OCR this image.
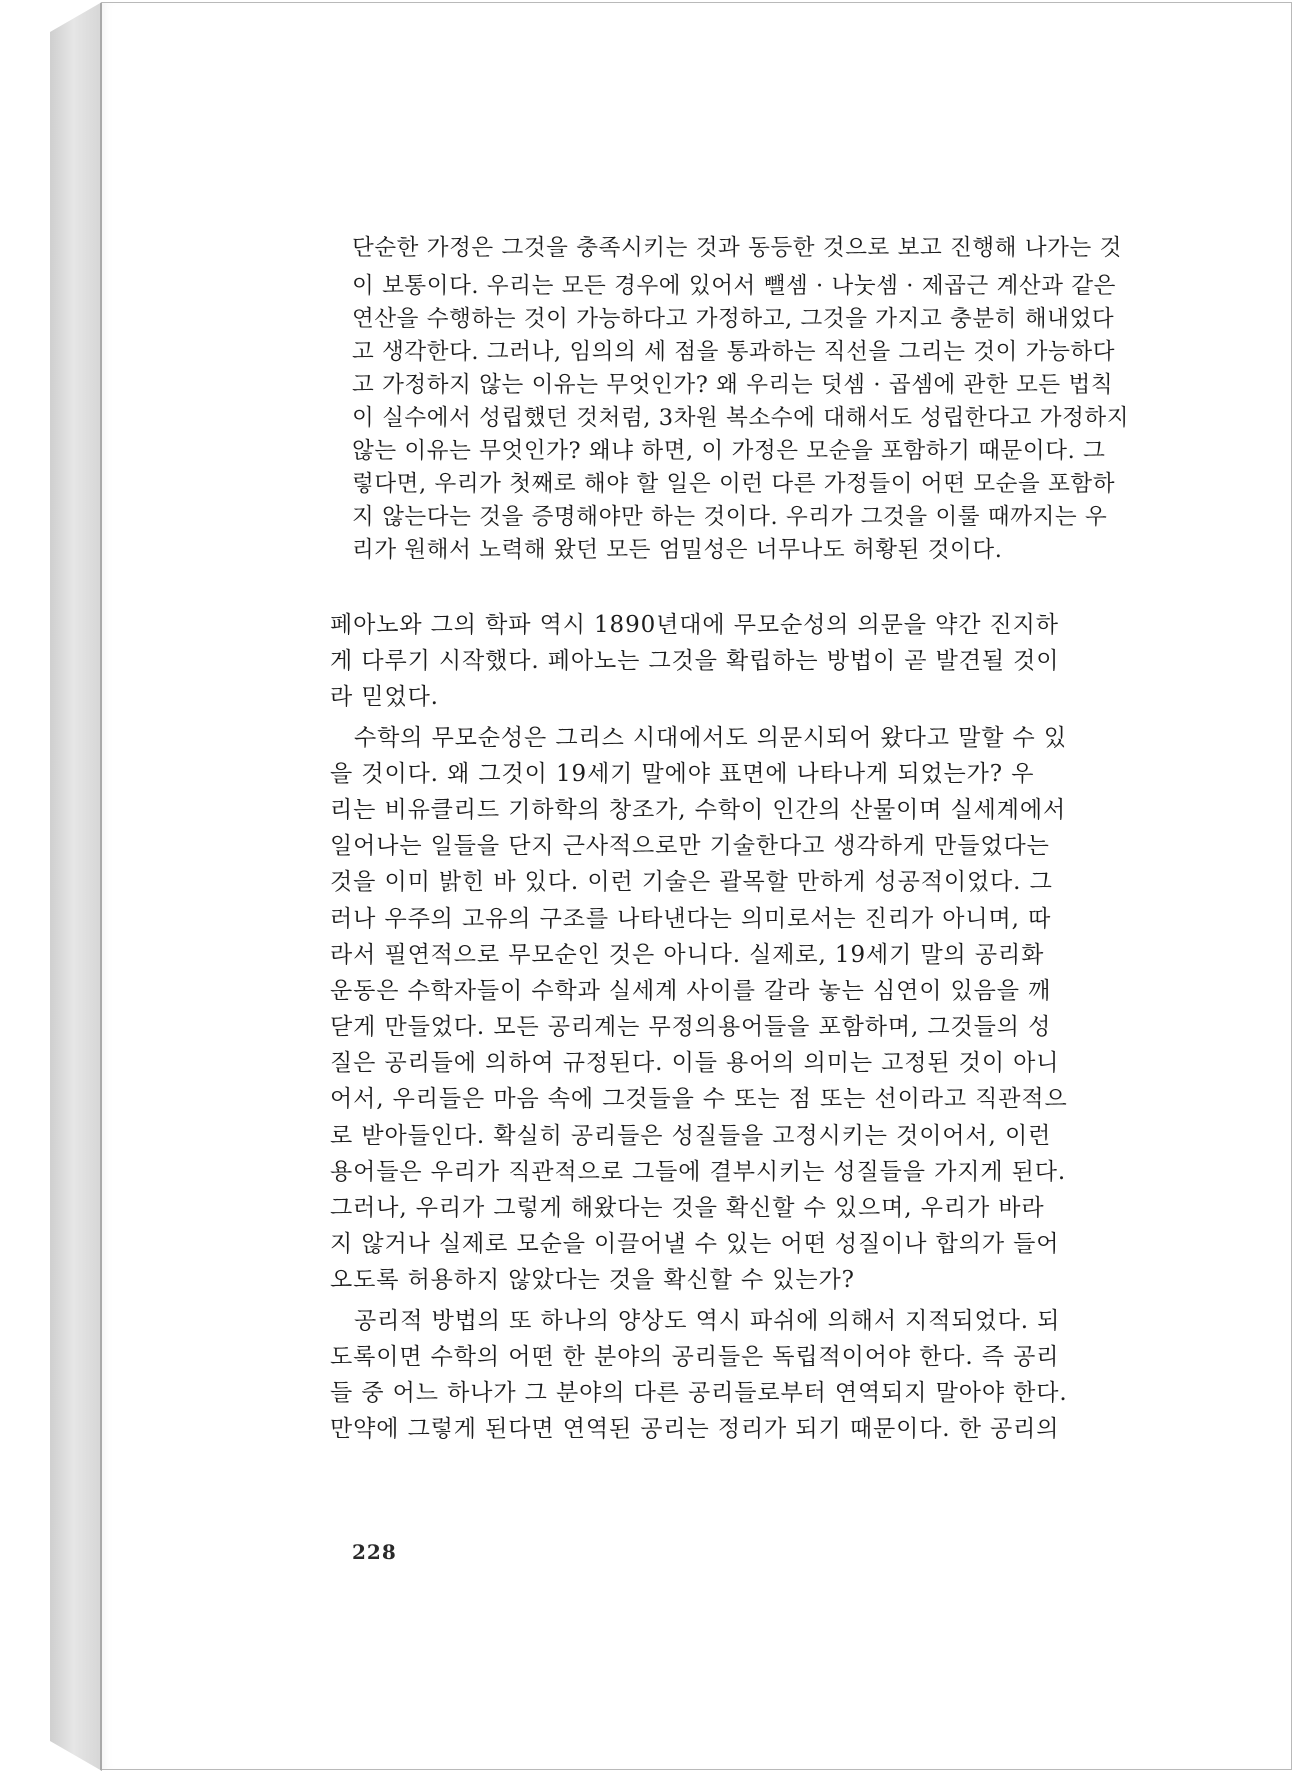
단순한 가정은 그것을 충족시키는 것과 동등한 것으로 보고 진행해 나가는 것
이 보통이다. 우리는 모든 경우에 있어서 뺄셈 · 나눗셈 · 제곱근 계산과 같은
연산을 수행하는 것이 가능하다고 가정하고, 그것을 가지고 충분히 해내었다
고 생각한다. 그러나, 임의의 세 점을 통과하는 직선을 그리는 것이 가능하다
고 가정하지 않는 이유는 무엇인가? 왜 우리는 덧셈 · 곱셈에 관한 모든 법칙
이 실수에서 성립했던 것처럼, 3차원 복소수에 대해서도 성립한다고 가정하지
않는 이유는 무엇인가? 왜냐 하면, 이 가정은 모순을 포함하기 때문이다. 그
렇다면, 우리가 첫째로 해야 할 일은 이런 다른 가정들이 어떤 모순을 포함하
지 않는다는 것을 증명해야만 하는 것이다. 우리가 그것을 이룰 때까지는 우
리가 원해서 노력해 왔던 모든 엄밀성은 너무나도 허황된 것이다.
페아노와 그의 학파 역시 1890년대에 무모순성의 의문을 약간 진지하
게 다루기 시작했다. 페아노는 그것을 확립하는 방법이 곧 발견될 것이
라 믿었다.
수학의 무모순성은 그리스 시대에서도 의문시되어 왔다고 말할 수 있
을 것이다. 왜 그것이 19세기 말에야 표면에 나타나게 되었는가? 우
리는 비유클리드 기하학의 창조가, 수학이 인간의 산물이며 실세계에서
일어나는 일들을 단지 근사적으로만 기술한다고 생각하게 만들었다는
것을 이미 밝힌 바 있다. 이런 기술은 괄목할 만하게 성공적이었다. 그
러나 우주의 고유의 구조를 나타낸다는 의미로서는 진리가 아니며, 따
라서 필연적으로 무모순인 것은 아니다. 실제로, 19세기 말의 공리화
운동은 수학자들이 수학과 실세계 사이를 갈라 놓는 심연이 있음을 깨
닫게 만들었다. 모든 공리계는 무정의용어들을 포함하며, 그것들의 성
질은 공리들에 의하여 규정된다. 이들 용어의 의미는 고정된 것이 아니
어서, 우리들은 마음 속에 그것들을 수 또는 점 또는 선이라고 직관적으
로 받아들인다. 확실히 공리들은 성질들을 고정시키는 것이어서, 이런
용어들은 우리가 직관적으로 그들에 결부시키는 성질들을 가지게 된다.
그러나, 우리가 그렇게 해왔다는 것을 확신할 수 있으며, 우리가 바라
지 않거나 실제로 모순을 이끌어낼 수 있는 어떤 성질이나 합의가 들어
오도록 허용하지 않았다는 것을 확신할 수 있는가?
공리적 방법의 또 하나의 양상도 역시 파쉬에 의해서 지적되었다. 되
도록이면 수학의 어떤 한 분야의 공리들은 독립적이어야 한다. 즉 공리
들 중 어느 하나가 그 분야의 다른 공리들로부터 연역되지 말아야 한다.
만약에 그렇게 된다면 연역된 공리는 정리가 되기 때문이다. 한 공리의
228
